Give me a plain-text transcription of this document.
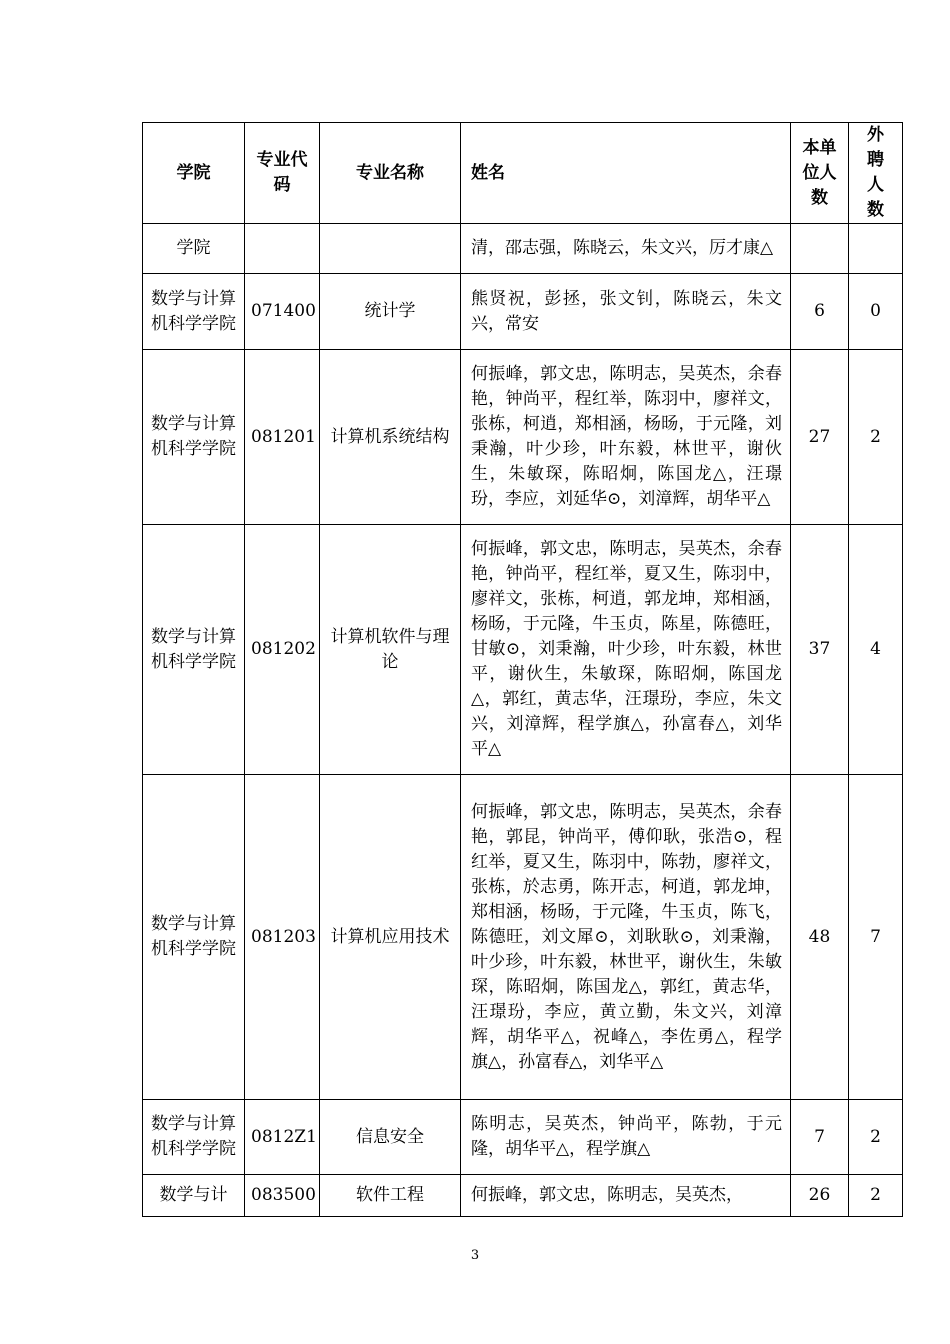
学院	专业代码	专业名称	姓名	本单位人数	外聘人数
学院			清，邵志强，陈晓云，朱文兴，厉才康△		
数学与计算机科学学院	071400	统计学	熊贤祝，彭拯，张文钊，陈晓云，朱文兴，常安	6	0
数学与计算机科学学院	081201	计算机系统结构	何振峰，郭文忠，陈明志，吴英杰，余春艳，钟尚平，程红举，陈羽中，廖祥文，张栋，柯逍，郑相涵，杨旸，于元隆，刘秉瀚，叶少珍，叶东毅，林世平，谢伙生，朱敏琛，陈昭炯，陈国龙△，汪璟玢，李应，刘延华⊙，刘漳辉，胡华平△	27	2
数学与计算机科学学院	081202	计算机软件与理论	何振峰，郭文忠，陈明志，吴英杰，余春艳，钟尚平，程红举，夏又生，陈羽中，廖祥文，张栋，柯逍，郭龙坤，郑相涵，杨旸，于元隆，牛玉贞，陈星，陈德旺，甘敏⊙，刘秉瀚，叶少珍，叶东毅，林世平，谢伙生，朱敏琛，陈昭炯，陈国龙△，郭红，黄志华，汪璟玢，李应，朱文兴，刘漳辉，程学旗△，孙富春△，刘华平△	37	4
数学与计算机科学学院	081203	计算机应用技术	何振峰，郭文忠，陈明志，吴英杰，余春艳，郭昆，钟尚平，傅仰耿，张浩⊙，程红举，夏又生，陈羽中，陈勃，廖祥文，张栋，於志勇，陈开志，柯逍，郭龙坤，郑相涵，杨旸，于元隆，牛玉贞，陈飞，陈德旺，刘文犀⊙，刘耿耿⊙，刘秉瀚，叶少珍，叶东毅，林世平，谢伙生，朱敏琛，陈昭炯，陈国龙△，郭红，黄志华，汪璟玢，李应，黄立勤，朱文兴，刘漳辉，胡华平△，祝峰△，李佐勇△，程学旗△，孙富春△，刘华平△	48	7
数学与计算机科学学院	0812Z1	信息安全	陈明志，吴英杰，钟尚平，陈勃，于元隆，胡华平△，程学旗△	7	2
数学与计	083500	软件工程	何振峰，郭文忠，陈明志，吴英杰，	26	2
3
